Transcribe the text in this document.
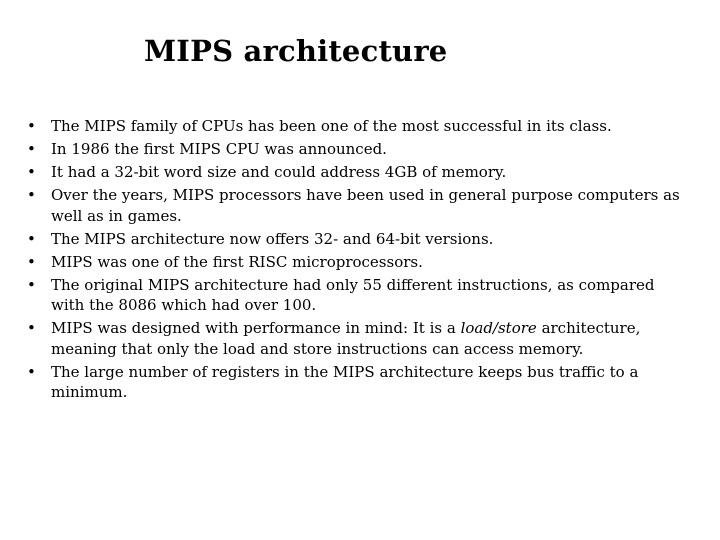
MIPS architecture
• The MIPS family of CPUs has been one of the most successful in its class.
• In 1986 the first MIPS CPU was announced.
• It had a 32-bit word size and could address 4GB of memory.
• Over the years, MIPS processors have been used in general purpose computers as well as in games.
• The MIPS architecture now offers 32- and 64-bit versions.
• MIPS was one of the first RISC microprocessors.
• The original MIPS architecture had only 55 different instructions, as compared with the 8086 which had over 100.
• MIPS was designed with performance in mind: It is a load/store architecture, meaning that only the load and store instructions can access memory.
• The large number of registers in the MIPS architecture keeps bus traffic to a minimum.
